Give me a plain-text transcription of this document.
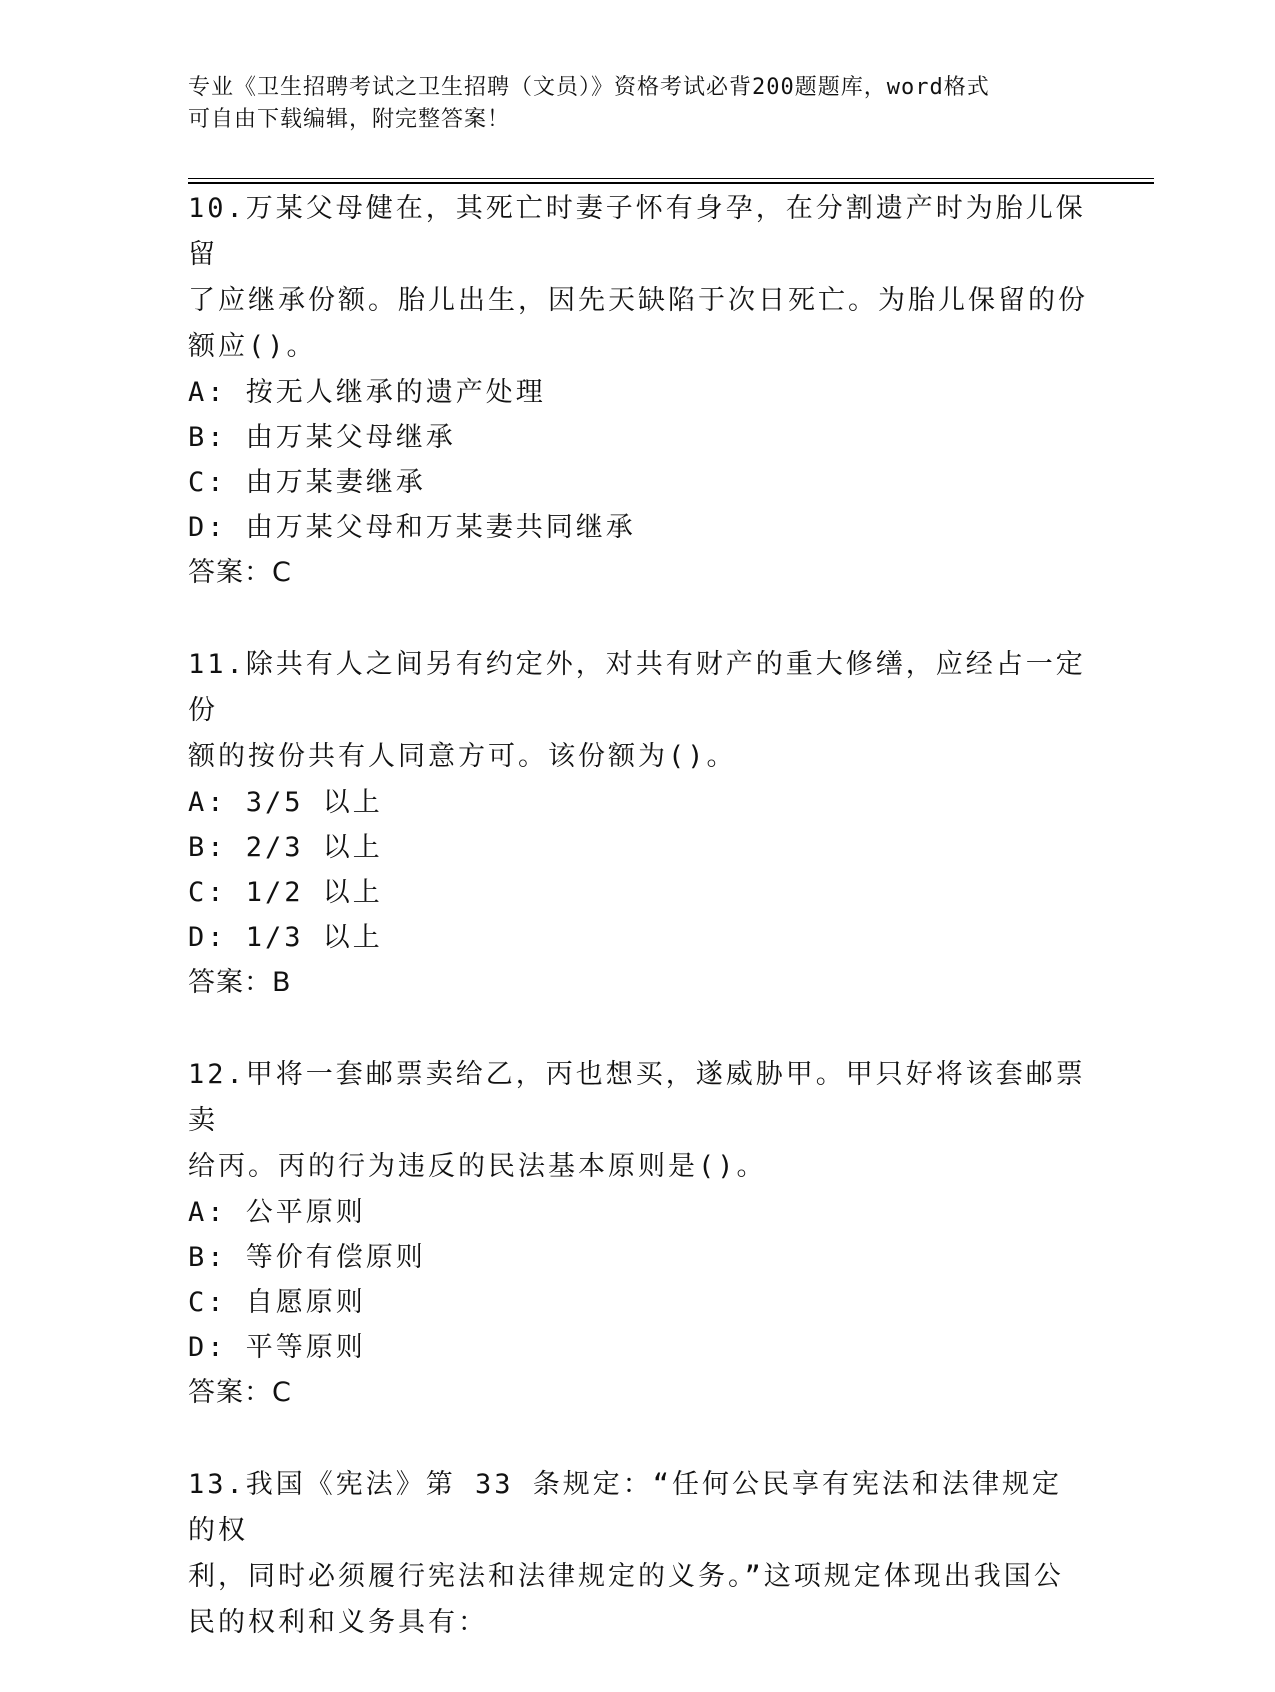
专业《卫生招聘考试之卫生招聘（文员）》资格考试必背200题题库，word格式
可自由下载编辑，附完整答案！
10.万某父母健在，其死亡时妻子怀有身孕，在分割遗产时为胎儿保留
了应继承份额。胎儿出生，因先天缺陷于次日死亡。为胎儿保留的份
额应()。
A: 按无人继承的遗产处理
B: 由万某父母继承
C: 由万某妻继承
D: 由万某父母和万某妻共同继承
答案：C
11.除共有人之间另有约定外，对共有财产的重大修缮，应经占一定份
额的按份共有人同意方可。该份额为()。
A: 3/5 以上
B: 2/3 以上
C: 1/2 以上
D: 1/3 以上
答案：B
12.甲将一套邮票卖给乙，丙也想买，遂威胁甲。甲只好将该套邮票卖
给丙。丙的行为违反的民法基本原则是()。
A: 公平原则
B: 等价有偿原则
C: 自愿原则
D: 平等原则
答案：C
13.我国《宪法》第 33 条规定：“任何公民享有宪法和法律规定的权
利，同时必须履行宪法和法律规定的义务。”这项规定体现出我国公
民的权利和义务具有：
